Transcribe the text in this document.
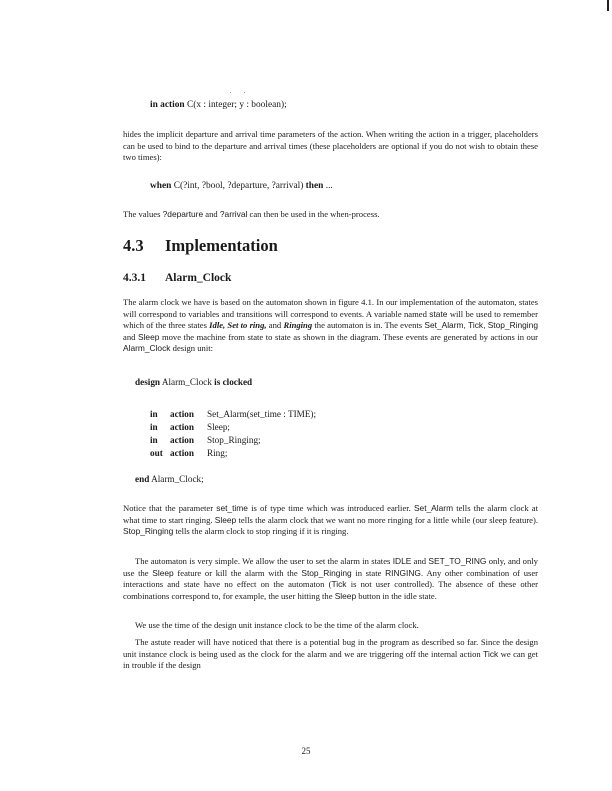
in action C(x : integer; y : boolean);

hides the implicit departure and arrival time parameters of the action. When writing the action in a trigger, placeholders can be used to bind to the departure and arrival times (these placeholders are optional if you do not wish to obtain these two times):

when C(?int, ?bool, ?departure, ?arrival) then ...

The values ?departure and ?arrival can then be used in the when-process.

4.3 Implementation
4.3.1 Alarm_Clock

The alarm clock we have is based on the automaton shown in figure 4.1. In our implementation of the automaton, states will correspond to variables and transitions will correspond to events. A variable named state will be used to remember which of the three states Idle, Set to ring, and Ringing the automaton is in. The events Set_Alarm, Tick, Stop_Ringing and Sleep move the machine from state to state as shown in the diagram. These events are generated by actions in our Alarm_Clock design unit:

design Alarm_Clock is clocked
in action Set_Alarm(set_time : TIME);
in action Sleep;
in action Stop_Ringing;
out action Ring;
end Alarm_Clock;

Notice that the parameter set_time is of type time which was introduced earlier. Set_Alarm tells the alarm clock at what time to start ringing. Sleep tells the alarm clock that we want no more ringing for a little while (our sleep feature). Stop_Ringing tells the alarm clock to stop ringing if it is ringing.

The automaton is very simple. We allow the user to set the alarm in states IDLE and SET_TO_RING only, and only use the Sleep feature or kill the alarm with the Stop_Ringing in state RINGING. Any other combination of user interactions and state have no effect on the automaton (Tick is not user controlled). The absence of these other combinations correspond to, for example, the user hitting the Sleep button in the idle state.

We use the time of the design unit instance clock to be the time of the alarm clock.

The astute reader will have noticed that there is a potential bug in the program as described so far. Since the design unit instance clock is being used as the clock for the alarm and we are triggering off the internal action Tick we can get in trouble if the design

25
